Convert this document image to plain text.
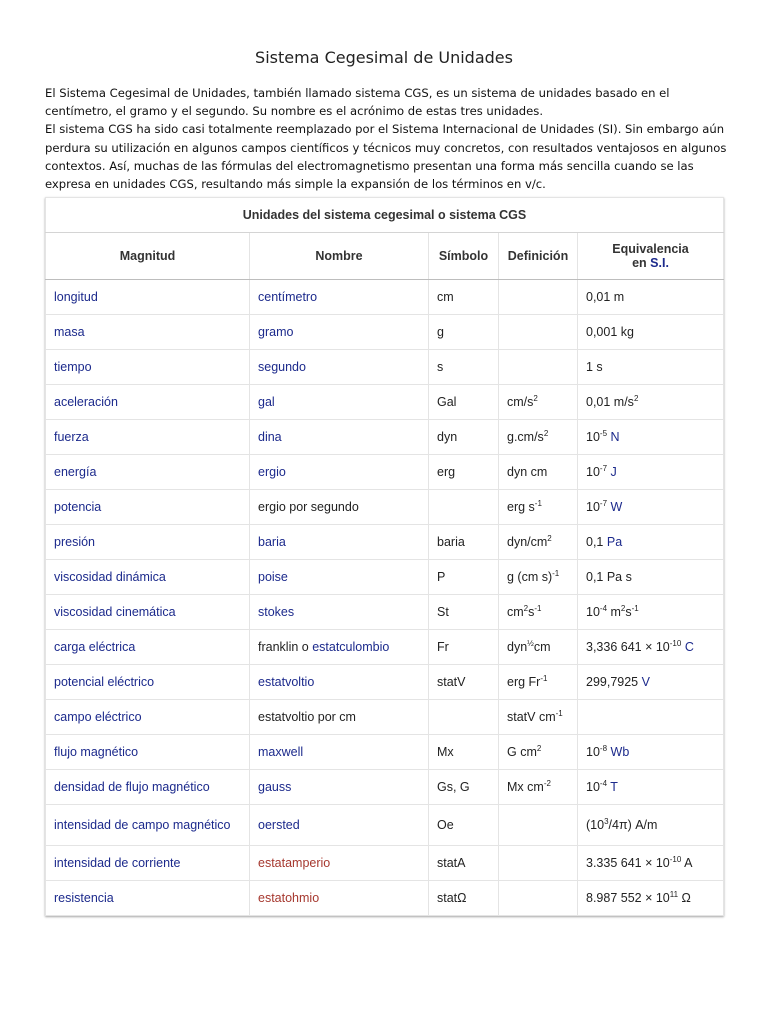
Sistema Cegesimal de Unidades

El Sistema Cegesimal de Unidades, también llamado sistema CGS, es un sistema de unidades basado en el centímetro, el gramo y el segundo. Su nombre es el acrónimo de estas tres unidades.

El sistema CGS ha sido casi totalmente reemplazado por el Sistema Internacional de Unidades (SI). Sin embargo aún perdura su utilización en algunos campos científicos y técnicos muy concretos, con resultados ventajosos en algunos contextos. Así, muchas de las fórmulas del electromagnetismo presentan una forma más sencilla cuando se las expresa en unidades CGS, resultando más simple la expansión de los términos en v/c.

Unidades del sistema cegesimal o sistema CGS				
Magnitud	Nombre	Símbolo	Definición	Equivalencia
en S.I.
longitud	centímetro	cm		0,01 m
masa	gramo	g		0,001 kg
tiempo	segundo	s		1 s
aceleración	gal	Gal	$cm/s^2$	0,01 $m/s^2$
fuerza	dina	dyn	$g.cm/s^2$	$10^{-5}$ N
energía	ergio	erg	dyn cm	$10^{-7}$ J
potencia	ergio por segundo		erg $s^{-1}$	$10^{-7}$ W
presión	baria	baria	dyn/$cm^2$	0,1 Pa
viscosidad dinámica	poise	P	g (cm s)$^{-1}$	0,1 Pa s
viscosidad cinemática	stokes	St	$cm^2s^{-1}$	$10^{-4}$ $m^2s^{-1}$
carga eléctrica	franklin o estatculombio	Fr	dyn$^{\frac{1}{2}}$cm	3,336 $641 \times 10^{-10}$ C
potencial eléctrico	estatvoltio	statV	erg $Fr^{-1}$	299,7925 V
campo eléctrico	estatvoltio por cm		statV $cm^{-1}$	
flujo magnético	maxwell	Mx	G $cm^2$	$10^{-8}$ Wb
densidad de flujo magnético	gauss	Gs, G	Mx $cm^{-2}$	$10^{-4}$ T
intensidad de campo magnético	oersted	Oe		$(10^3/4\pi)$ A/m
intensidad de corriente	estatamperio	statA		3.335 $641 \times 10^{-10}$ A
resistencia	estatohmio	statΩ		8.987 $552 \times 10^{11}$ Ω
